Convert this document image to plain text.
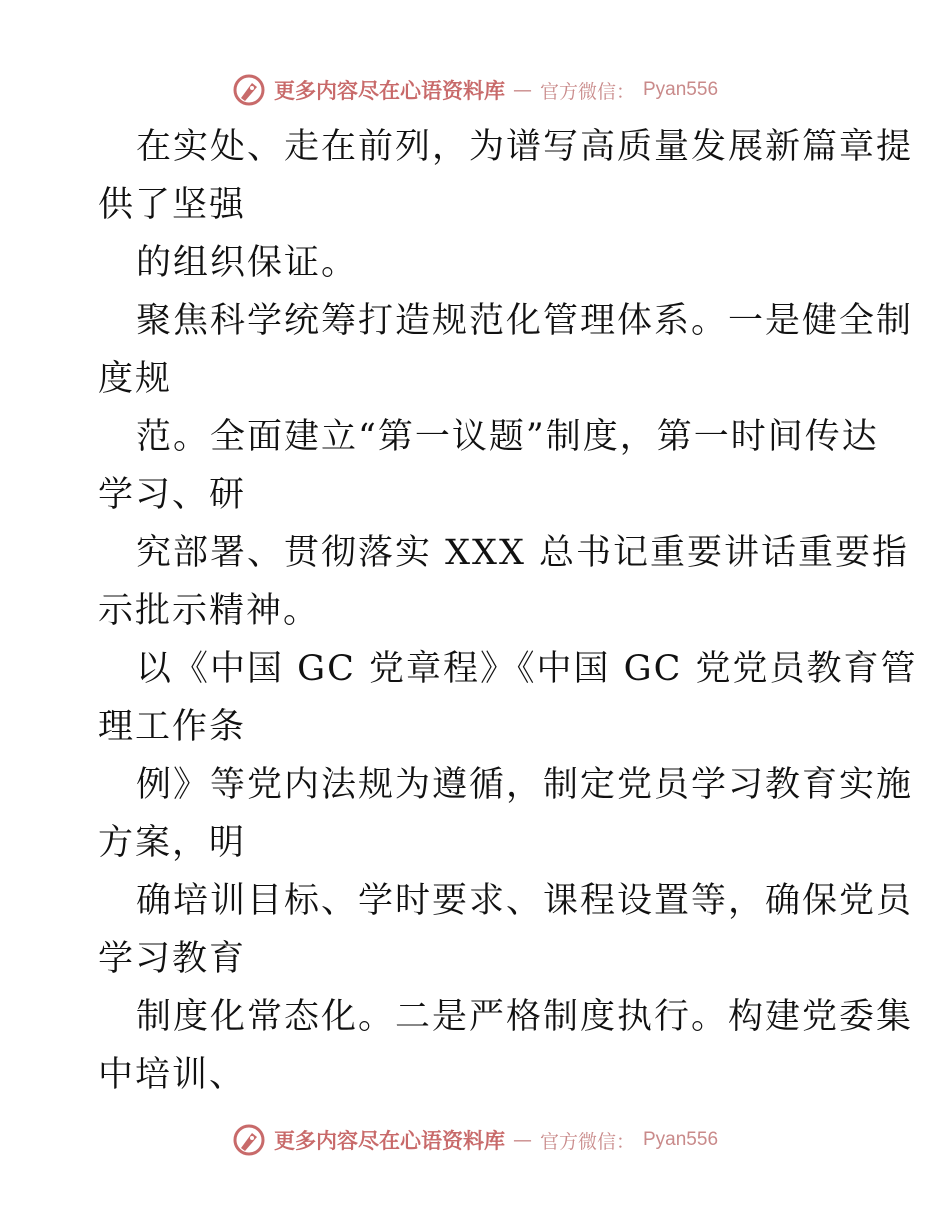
更多内容尽在心语资料库 — 官方微信： Pyan556
在实处、走在前列，为谱写高质量发展新篇章提
供了坚强
的组织保证。
聚焦科学统筹打造规范化管理体系。一是健全制
度规
范。全面建立“第一议题”制度，第一时间传达
学习、研
究部署、贯彻落实 XXX 总书记重要讲话重要指
示批示精神。
以《中国 GC 党章程》《中国 GC 党党员教育管
理工作条
例》等党内法规为遵循，制定党员学习教育实施
方案，明
确培训目标、学时要求、课程设置等，确保党员
学习教育
制度化常态化。二是严格制度执行。构建党委集
中培训、
更多内容尽在心语资料库 — 官方微信： Pyan556
